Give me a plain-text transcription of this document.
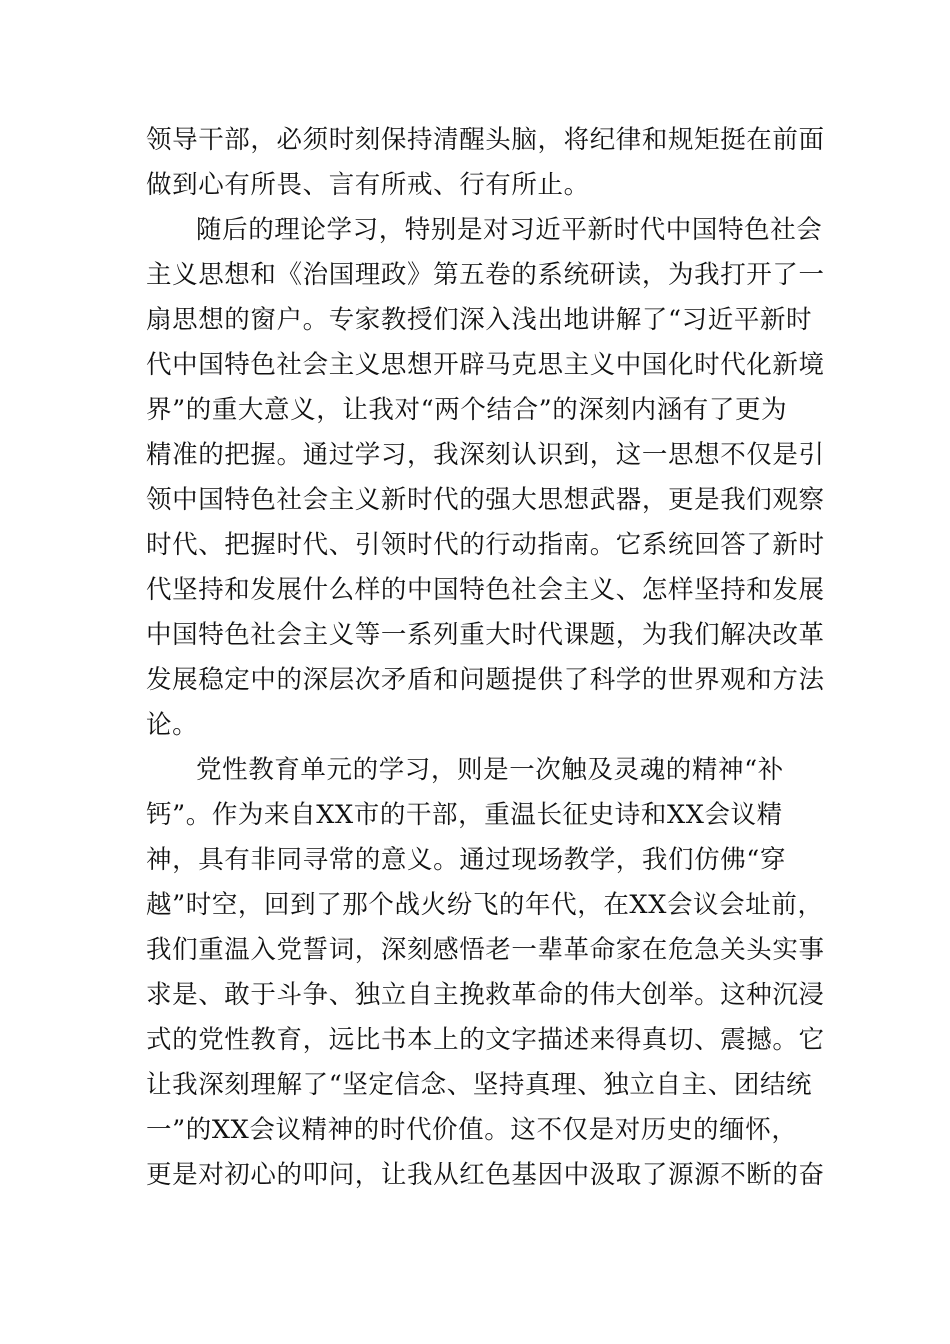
领导干部，必须时刻保持清醒头脑，将纪律和规矩挺在前面
做到心有所畏、言有所戒、行有所止。
随后的理论学习，特别是对习近平新时代中国特色社会
主义思想和《治国理政》第五卷的系统研读，为我打开了一
扇思想的窗户。专家教授们深入浅出地讲解了“习近平新时
代中国特色社会主义思想开辟马克思主义中国化时代化新境
界”的重大意义，让我对“两个结合”的深刻内涵有了更为
精准的把握。通过学习，我深刻认识到，这一思想不仅是引
领中国特色社会主义新时代的强大思想武器，更是我们观察
时代、把握时代、引领时代的行动指南。它系统回答了新时
代坚持和发展什么样的中国特色社会主义、怎样坚持和发展
中国特色社会主义等一系列重大时代课题，为我们解决改革
发展稳定中的深层次矛盾和问题提供了科学的世界观和方法
论。
党性教育单元的学习，则是一次触及灵魂的精神“补
钙”。作为来自XX市的干部，重温长征史诗和XX会议精
神，具有非同寻常的意义。通过现场教学，我们仿佛“穿
越”时空，回到了那个战火纷飞的年代，在XX会议会址前，
我们重温入党誓词，深刻感悟老一辈革命家在危急关头实事
求是、敢于斗争、独立自主挽救革命的伟大创举。这种沉浸
式的党性教育，远比书本上的文字描述来得真切、震撼。它
让我深刻理解了“坚定信念、坚持真理、独立自主、团结统
一”的XX会议精神的时代价值。这不仅是对历史的缅怀，
更是对初心的叩问，让我从红色基因中汲取了源源不断的奋
